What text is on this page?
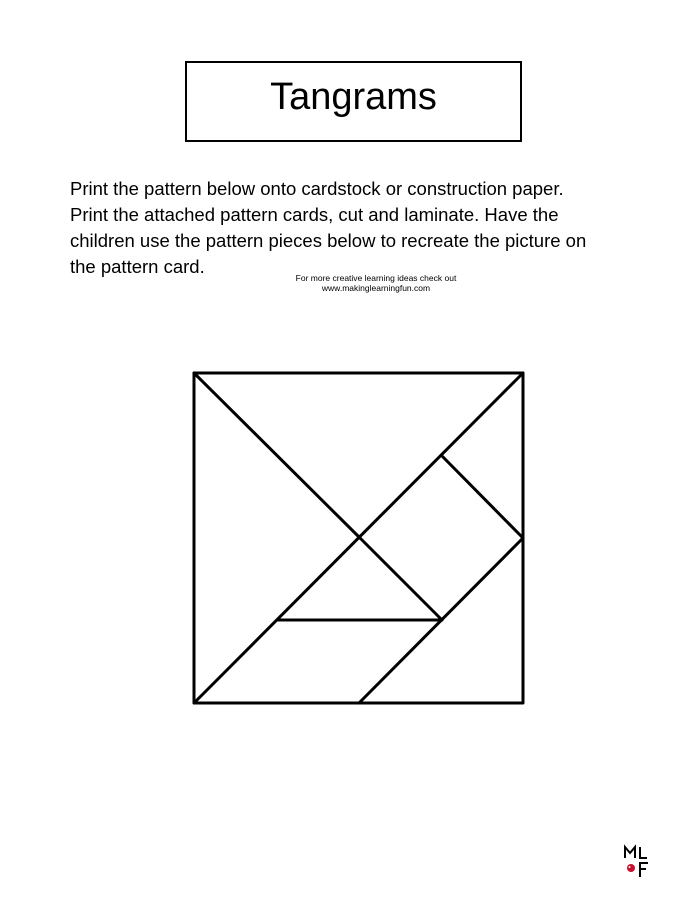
Tangrams
Print the pattern below onto cardstock or construction paper.
Print the attached pattern cards, cut and laminate. Have the
children use the pattern pieces below to recreate the picture on
the pattern card.
For more creative learning ideas check out
www.makinglearningfun.com
